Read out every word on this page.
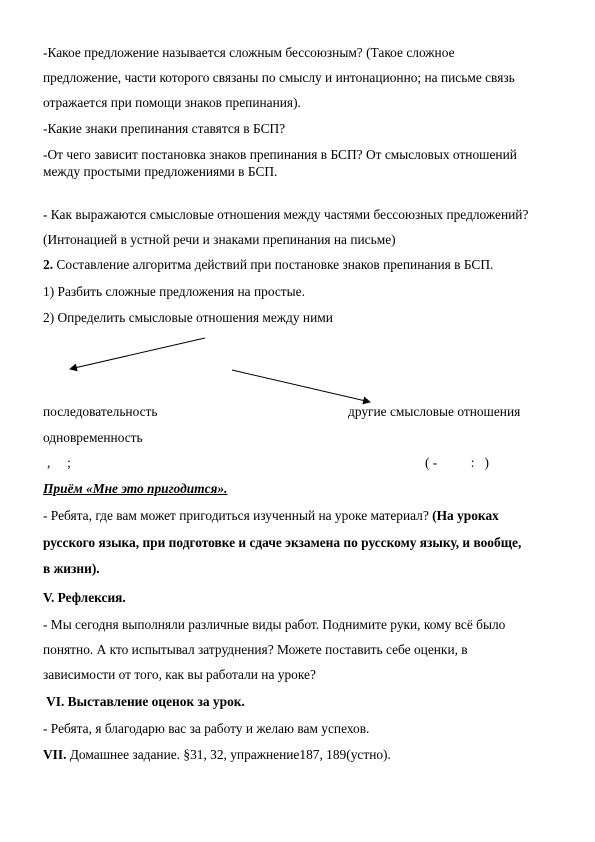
-Какое предложение называется сложным бессоюзным? (Такое сложное
предложение, части которого связаны по смыслу и интонационно; на письме связь
отражается при помощи знаков препинания).
-Какие знаки препинания ставятся в БСП?
-От чего зависит постановка знаков препинания в БСП? От смысловых отношений
между простыми предложениями в БСП.
- Как выражаются смысловые отношения между частями бессоюзных предложений?
(Интонацией в устной речи и знаками препинания на письме)
2. Составление алгоритма действий при постановке знаков препинания в БСП.
1) Разбить сложные предложения на простые.
2) Определить смысловые отношения между ними
последовательность	другие смысловые отношения
одновременность
,     ;	( -          :   )
Приём «Мне это пригодится».
- Ребята, где вам может пригодиться изученный на уроке материал? (На уроках
русского языка, при подготовке и сдаче экзамена по русскому языку, и вообще,
в жизни).
V. Рефлексия.
- Мы сегодня выполняли различные виды работ. Поднимите руки, кому всё было
понятно. А кто испытывал затруднения? Можете поставить себе оценки, в
зависимости от того, как вы работали на уроке?
VI. Выставление оценок за урок.
- Ребята, я благодарю вас за работу и желаю вам успехов.
VII. Домашнее задание. §31, 32, упражнение187, 189(устно).
